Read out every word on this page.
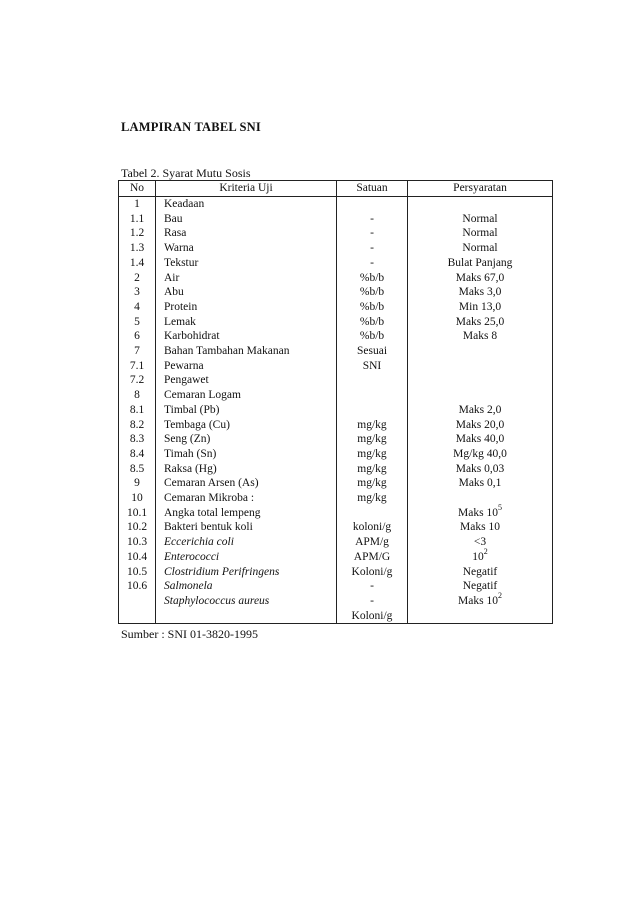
LAMPIRAN TABEL SNI
Tabel 2. Syarat Mutu Sosis
No	Kriteria Uji	Satuan	Persyaratan
1	Keadaan		
1.1	Bau	-	Normal
1.2	Rasa	-	Normal
1.3	Warna	-	Normal
1.4	Tekstur	-	Bulat Panjang
2	Air	%b/b	Maks 67,0
3	Abu	%b/b	Maks 3,0
4	Protein	%b/b	Min 13,0
5	Lemak	%b/b	Maks 25,0
6	Karbohidrat	%b/b	Maks 8
7	Bahan Tambahan Makanan	Sesuai	
7.1	Pewarna	SNI	
7.2	Pengawet		
8	Cemaran Logam		
8.1	Timbal (Pb)		Maks 2,0
8.2	Tembaga (Cu)	mg/kg	Maks 20,0
8.3	Seng (Zn)	mg/kg	Maks 40,0
8.4	Timah (Sn)	mg/kg	Mg/kg 40,0
8.5	Raksa (Hg)	mg/kg	Maks 0,03
9	Cemaran Arsen (As)	mg/kg	Maks 0,1
10	Cemaran Mikroba :	mg/kg	
10.1	Angka total lempeng		Maks $10^5$
10.2	Bakteri bentuk koli	koloni/g	Maks 10
10.3	Eccerichia coli	APM/g	<3
10.4	Enterococci	APM/G	$10^2$
10.5	Clostridium Perifringens	Koloni/g	Negatif
10.6	Salmonela	-	Negatif
	Staphylococcus aureus	-	Maks $10^2$
		Koloni/g	
Sumber : SNI 01-3820-1995
